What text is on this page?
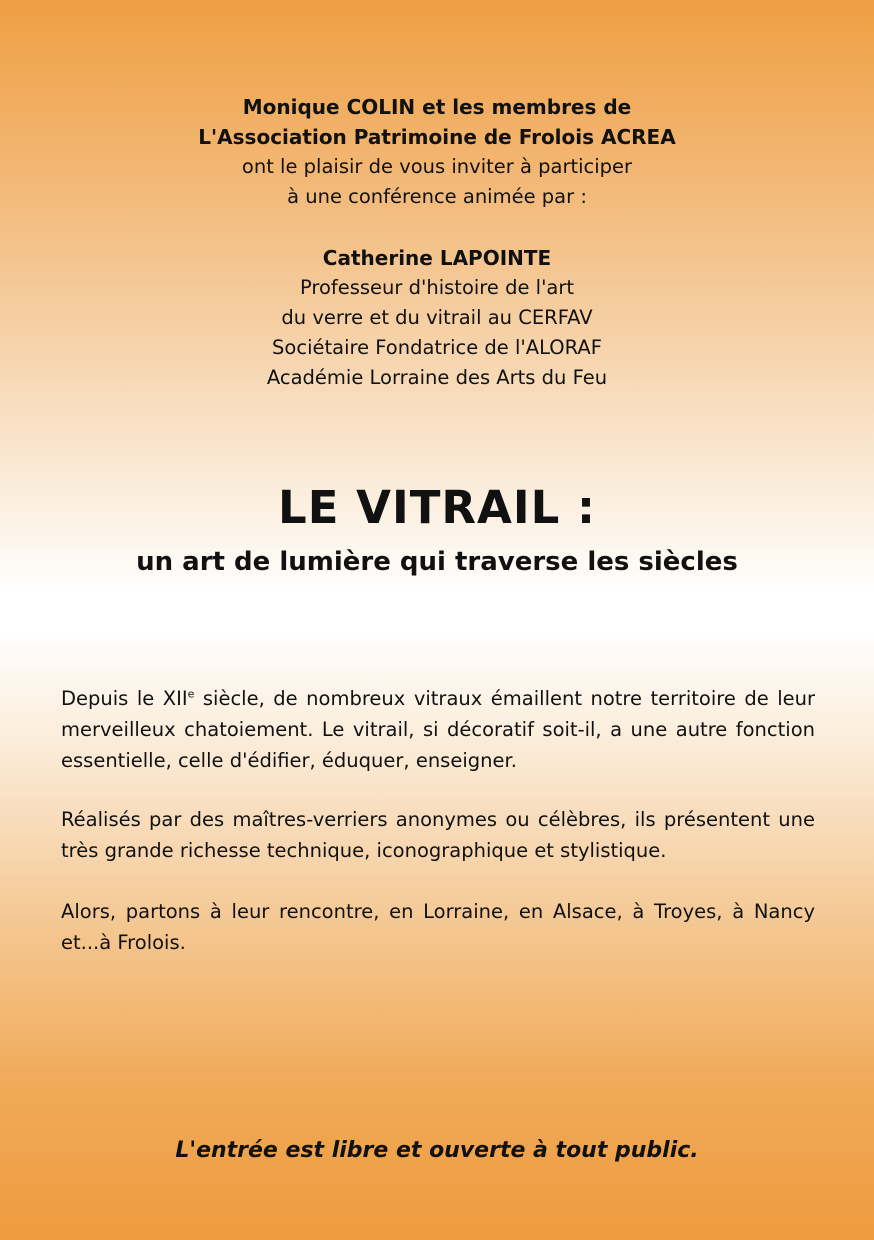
Monique COLIN et les membres de
L'Association Patrimoine de Frolois ACREA
ont le plaisir de vous inviter à participer
à une conférence animée par :
Catherine LAPOINTE
Professeur d'histoire de l'art
du verre et du vitrail au CERFAV
Sociétaire Fondatrice de l'ALORAF
Académie Lorraine des Arts du Feu
LE VITRAIL :
un art de lumière qui traverse les siècles
Depuis le XIIe siècle, de nombreux vitraux émaillent notre territoire de leur merveilleux chatoiement. Le vitrail, si décoratif soit-il, a une autre fonction essentielle, celle d'édifier, éduquer, enseigner.
Réalisés par des maîtres-verriers anonymes ou célèbres, ils présentent une très grande richesse technique, iconographique et stylistique.
Alors, partons à leur rencontre, en Lorraine, en Alsace, à Troyes, à Nancy et...à Frolois.
L'entrée est libre et ouverte à tout public.
